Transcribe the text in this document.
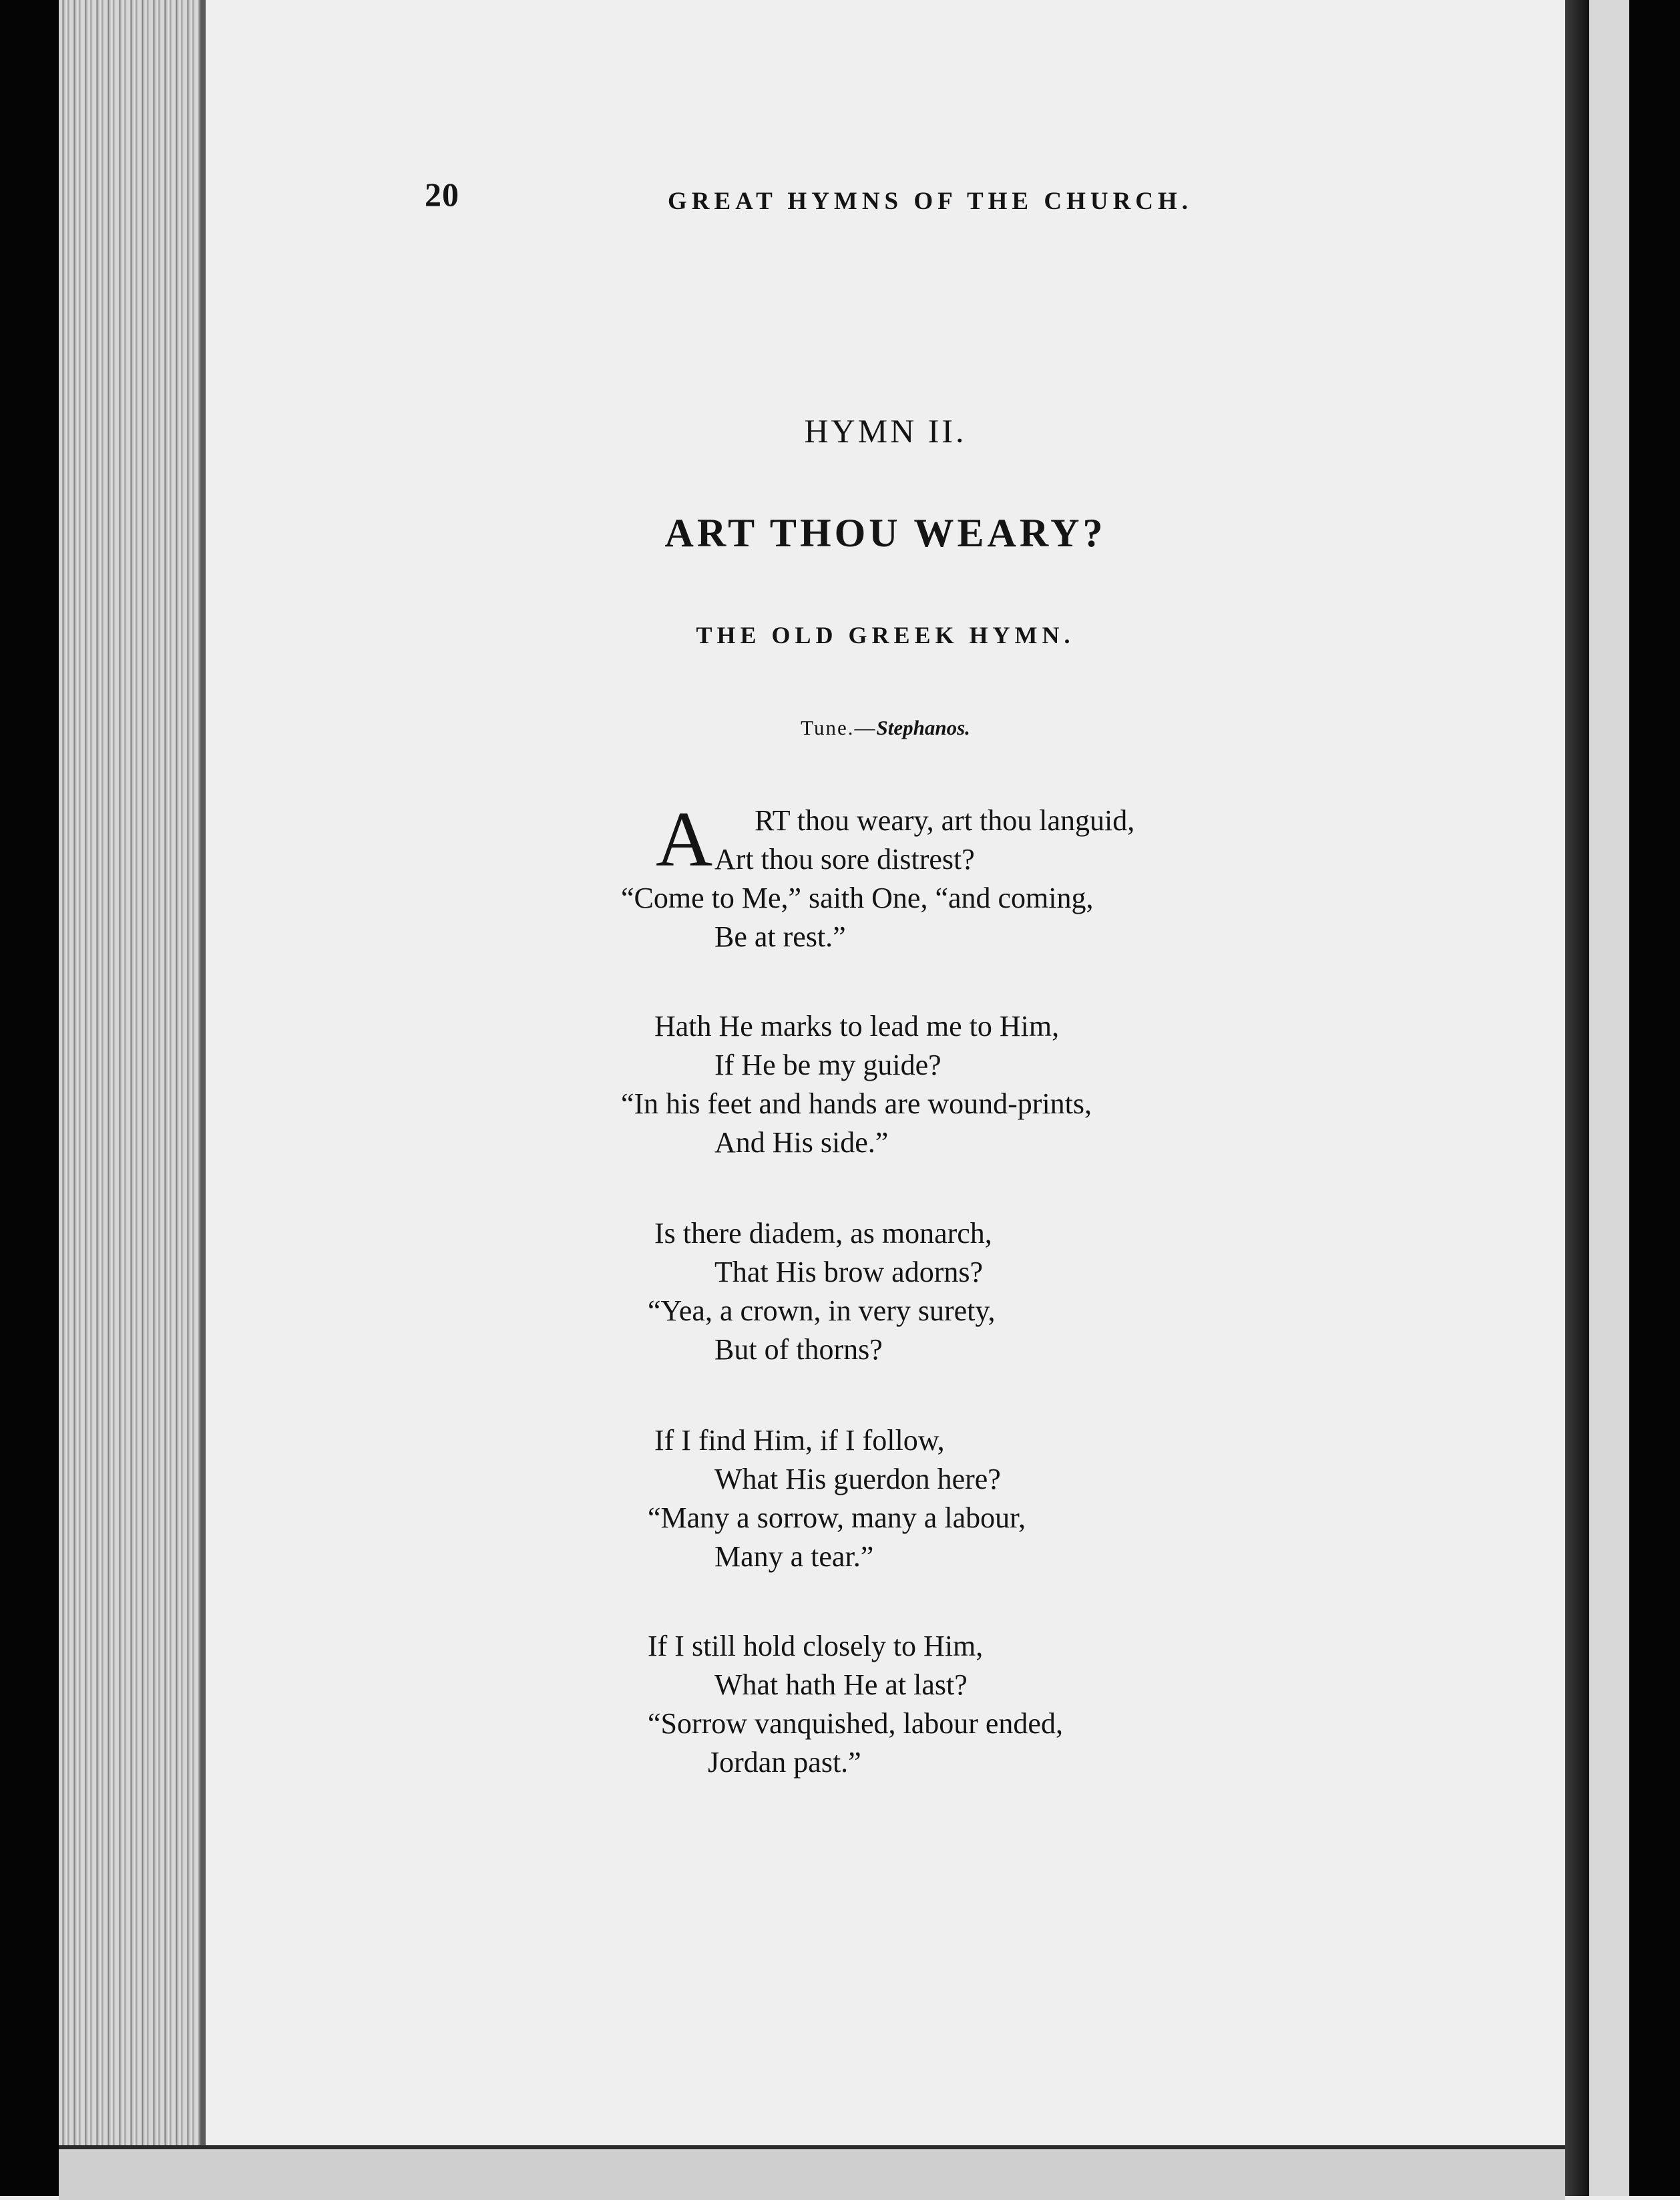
20	GREAT HYMNS OF THE CHURCH.
HYMN II.
ART THOU WEARY?
THE OLD GREEK HYMN.
Tune.—Stephanos.
A	RT thou weary, art thou languid,
Art thou sore distrest?
“Come to Me,” saith One, “and coming,
Be at rest.”
Hath He marks to lead me to Him,
If He be my guide?
“In his feet and hands are wound-prints,
And His side.”
Is there diadem, as monarch,
That His brow adorns?
“Yea, a crown, in very surety,
But of thorns?
If I find Him, if I follow,
What His guerdon here?
“Many a sorrow, many a labour,
Many a tear.”
If I still hold closely to Him,
What hath He at last?
“Sorrow vanquished, labour ended,
Jordan past.”
